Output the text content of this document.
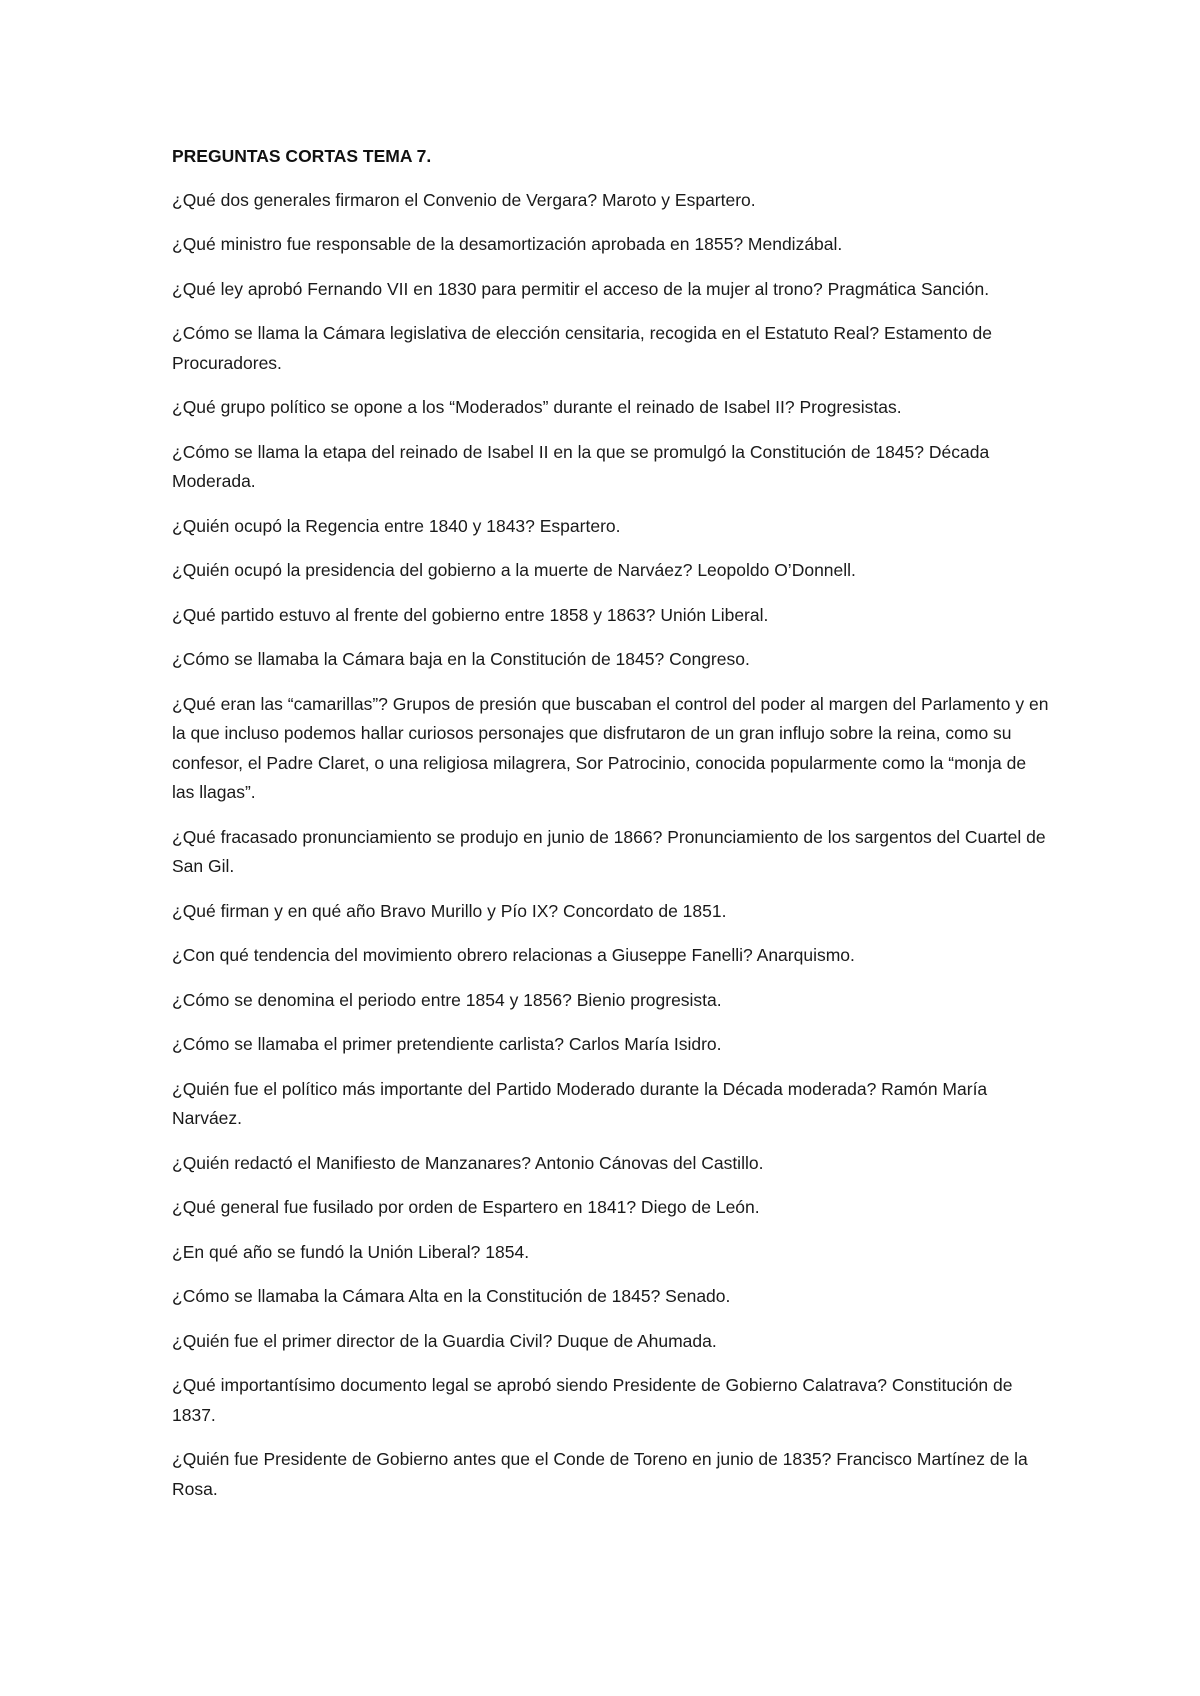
PREGUNTAS CORTAS TEMA 7.

¿Qué dos generales firmaron el Convenio de Vergara? Maroto y Espartero.

¿Qué ministro fue responsable de la desamortización aprobada en 1855? Mendizábal.

¿Qué ley aprobó Fernando VII en 1830 para permitir el acceso de la mujer al trono? Pragmática Sanción.

¿Cómo se llama la Cámara legislativa de elección censitaria, recogida en el Estatuto Real? Estamento de Procuradores.

¿Qué grupo político se opone a los “Moderados” durante el reinado de Isabel II? Progresistas.

¿Cómo se llama la etapa del reinado de Isabel II en la que se promulgó la Constitución de 1845? Década Moderada.

¿Quién ocupó la Regencia entre 1840 y 1843? Espartero.

¿Quién ocupó la presidencia del gobierno a la muerte de Narváez? Leopoldo O’Donnell.

¿Qué partido estuvo al frente del gobierno entre 1858 y 1863? Unión Liberal.

¿Cómo se llamaba la Cámara baja en la Constitución de 1845? Congreso.

¿Qué eran las “camarillas”? Grupos de presión que buscaban el control del poder al margen del Parlamento y en la que incluso podemos hallar curiosos personajes que disfrutaron de un gran influjo sobre la reina, como su confesor, el Padre Claret, o una religiosa milagrera, Sor Patrocinio, conocida popularmente como la “monja de las llagas”.

¿Qué fracasado pronunciamiento se produjo en junio de 1866? Pronunciamiento de los sargentos del Cuartel de San Gil.

¿Qué firman y en qué año Bravo Murillo y Pío IX? Concordato de 1851.

¿Con qué tendencia del movimiento obrero relacionas a Giuseppe Fanelli? Anarquismo.

¿Cómo se denomina el periodo entre 1854 y 1856? Bienio progresista.

¿Cómo se llamaba el primer pretendiente carlista? Carlos María Isidro.

¿Quién fue el político más importante del Partido Moderado durante la Década moderada? Ramón María Narváez.

¿Quién redactó el Manifiesto de Manzanares? Antonio Cánovas del Castillo.

¿Qué general fue fusilado por orden de Espartero en 1841? Diego de León.

¿En qué año se fundó la Unión Liberal? 1854.

¿Cómo se llamaba la Cámara Alta en la Constitución de 1845? Senado.

¿Quién fue el primer director de la Guardia Civil? Duque de Ahumada.

¿Qué importantísimo documento legal se aprobó siendo Presidente de Gobierno Calatrava? Constitución de 1837.

¿Quién fue Presidente de Gobierno antes que el Conde de Toreno en junio de 1835? Francisco Martínez de la Rosa.
